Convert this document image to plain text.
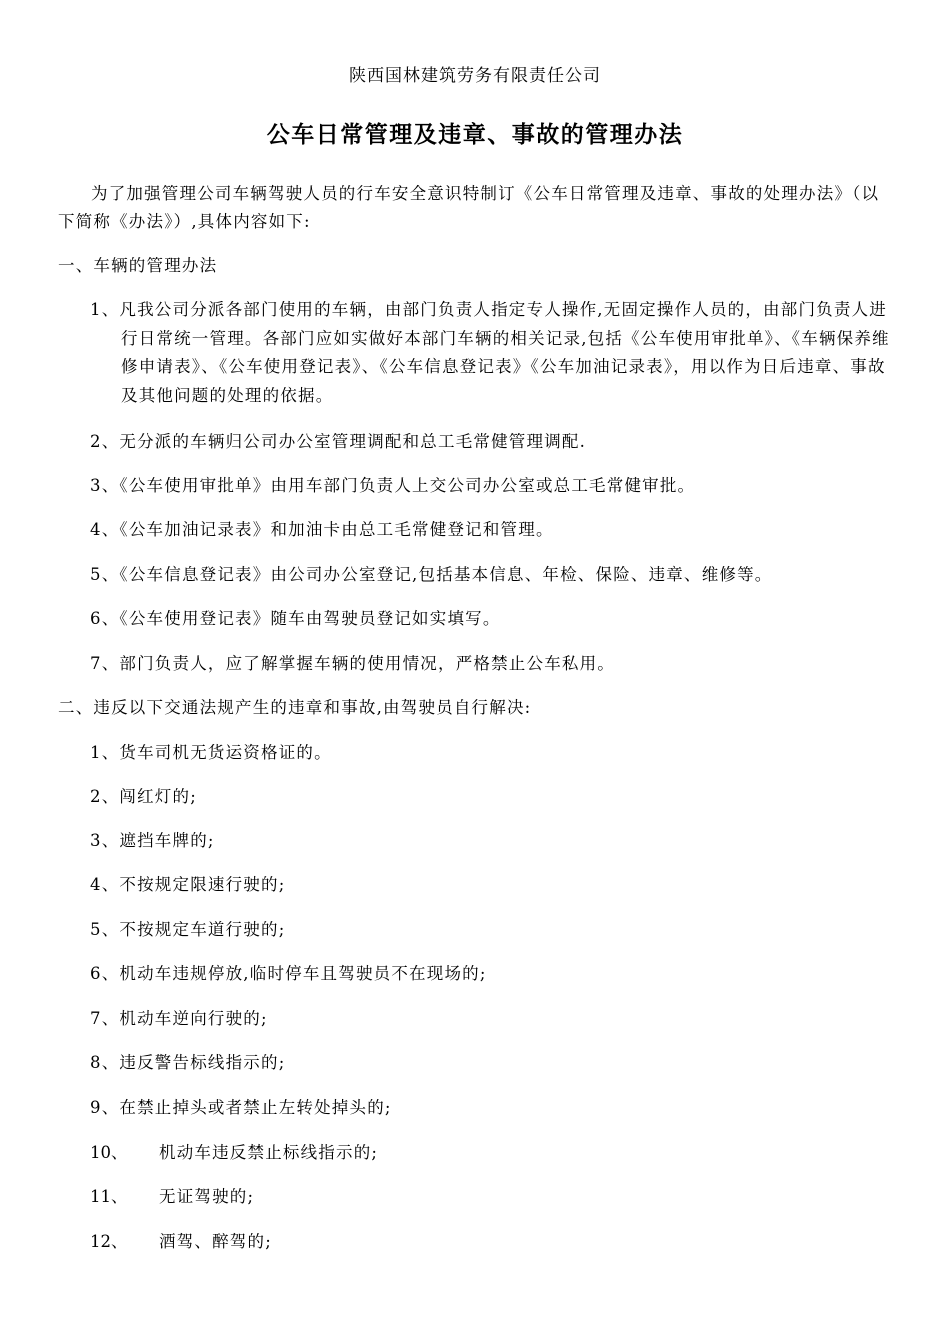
陕西国林建筑劳务有限责任公司
公车日常管理及违章、事故的管理办法
为了加强管理公司车辆驾驶人员的行车安全意识特制订《公车日常管理及违章、事故的处理办法》（以下简称《办法》）,具体内容如下:
一、车辆的管理办法
1、凡我公司分派各部门使用的车辆，由部门负责人指定专人操作,无固定操作人员的，由部门负责人进行日常统一管理。各部门应如实做好本部门车辆的相关记录,包括《公车使用审批单》、《车辆保养维修申请表》、《公车使用登记表》、《公车信息登记表》《公车加油记录表》，用以作为日后违章、事故及其他问题的处理的依据。
2、无分派的车辆归公司办公室管理调配和总工毛常健管理调配.
3、《公车使用审批单》由用车部门负责人上交公司办公室或总工毛常健审批。
4、《公车加油记录表》和加油卡由总工毛常健登记和管理。
5、《公车信息登记表》由公司办公室登记,包括基本信息、年检、保险、违章、维修等。
6、《公车使用登记表》随车由驾驶员登记如实填写。
7、部门负责人，应了解掌握车辆的使用情况，严格禁止公车私用。
二、违反以下交通法规产生的违章和事故,由驾驶员自行解决:
1、货车司机无货运资格证的。
2、闯红灯的;
3、遮挡车牌的;
4、不按规定限速行驶的;
5、不按规定车道行驶的;
6、机动车违规停放,临时停车且驾驶员不在现场的;
7、机动车逆向行驶的;
8、违反警告标线指示的;
9、在禁止掉头或者禁止左转处掉头的;
10、 机动车违反禁止标线指示的;
11、 无证驾驶的;
12、 酒驾、醉驾的;
